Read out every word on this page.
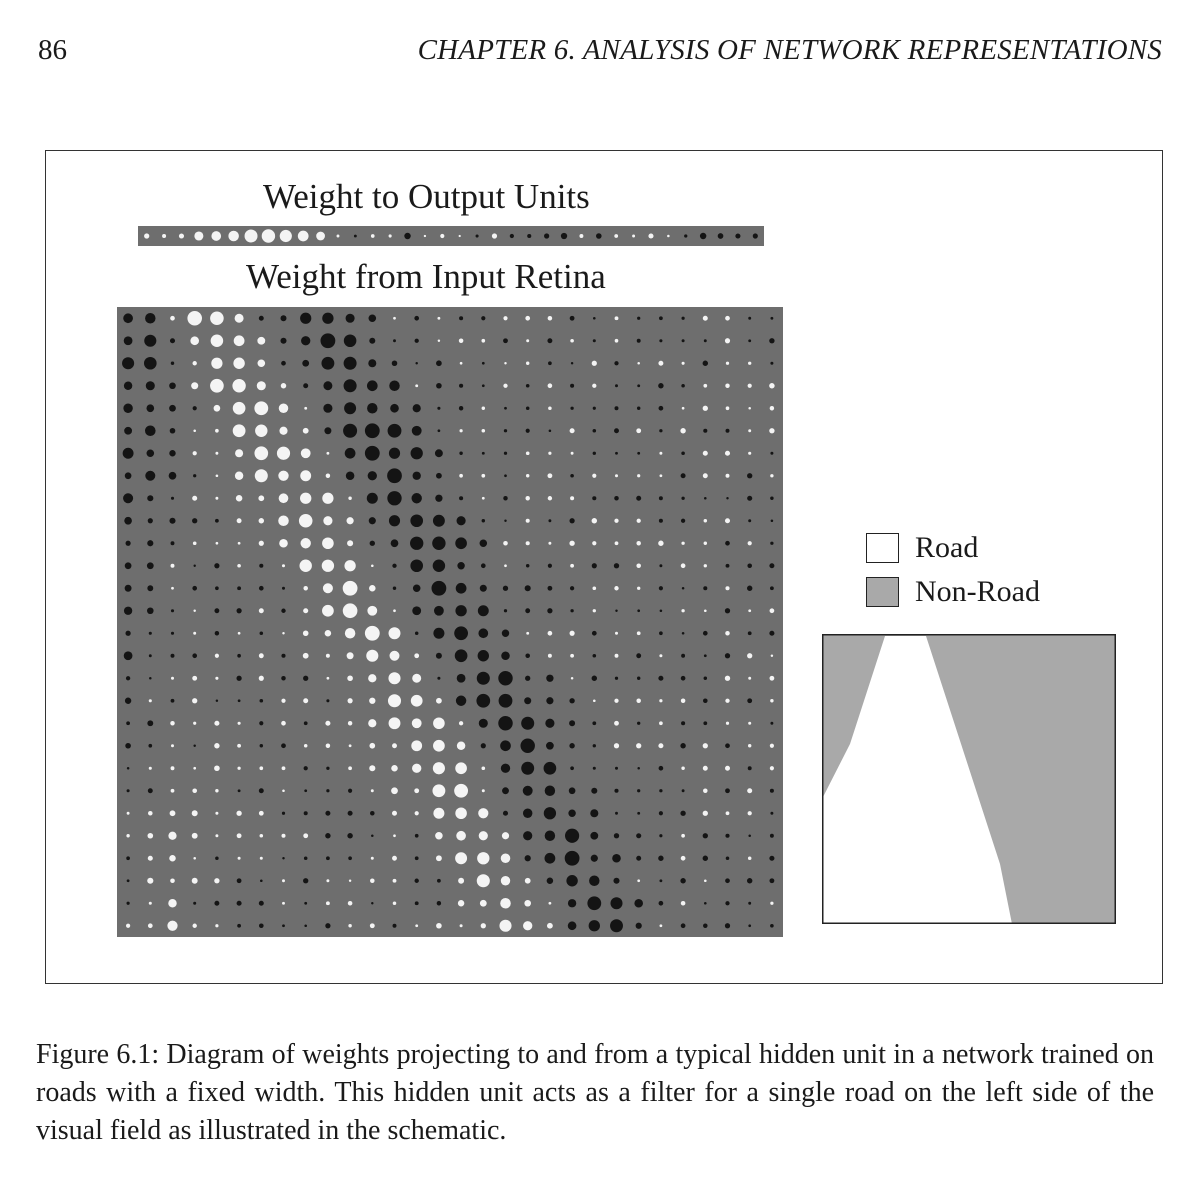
86	CHAPTER 6. ANALYSIS OF NETWORK REPRESENTATIONS
Weight to Output Units
Weight from Input Retina
Road
Non-Road
Figure 6.1: Diagram of weights projecting to and from a typical hidden unit in a network trained on roads with a fixed width. This hidden unit acts as a filter for a single road on the left side of the visual field as illustrated in the schematic.
